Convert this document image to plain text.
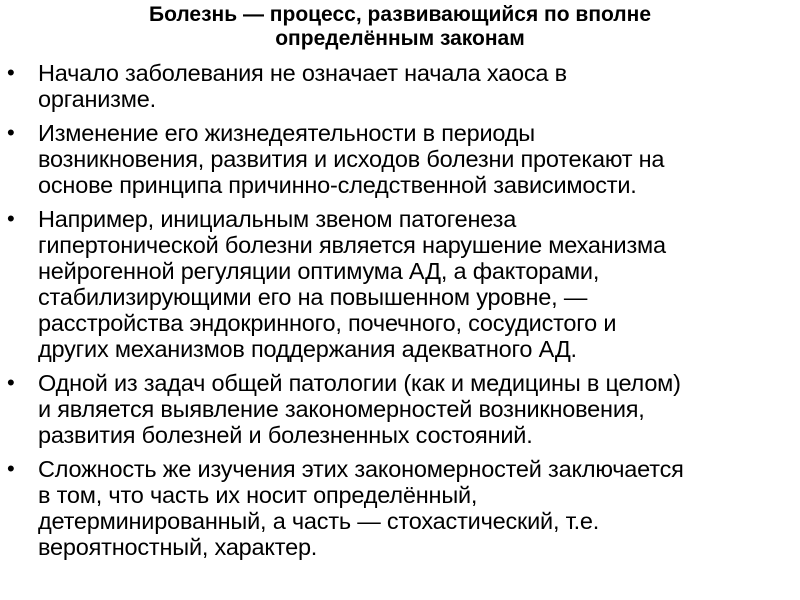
Болезнь — процесс, развивающийся по вполне
определённым законам
• Начало заболевания не означает начала хаоса в
организме.
• Изменение его жизнедеятельности в периоды
возникновения, развития и исходов болезни протекают на
основе принципа причинно-следственной зависимости.
• Например, инициальным звеном патогенеза
гипертонической болезни является нарушение механизма
нейрогенной регуляции оптимума АД, а факторами,
стабилизирующими его на повышенном уровне, —
расстройства эндокринного, почечного, сосудистого и
других механизмов поддержания адекватного АД.
• Одной из задач общей патологии (как и медицины в целом)
и является выявление закономерностей возникновения,
развития болезней и болезненных состояний.
• Сложность же изучения этих закономерностей заключается
в том, что часть их носит определённый,
детерминированный, а часть — стохастический, т.е.
вероятностный, характер.
